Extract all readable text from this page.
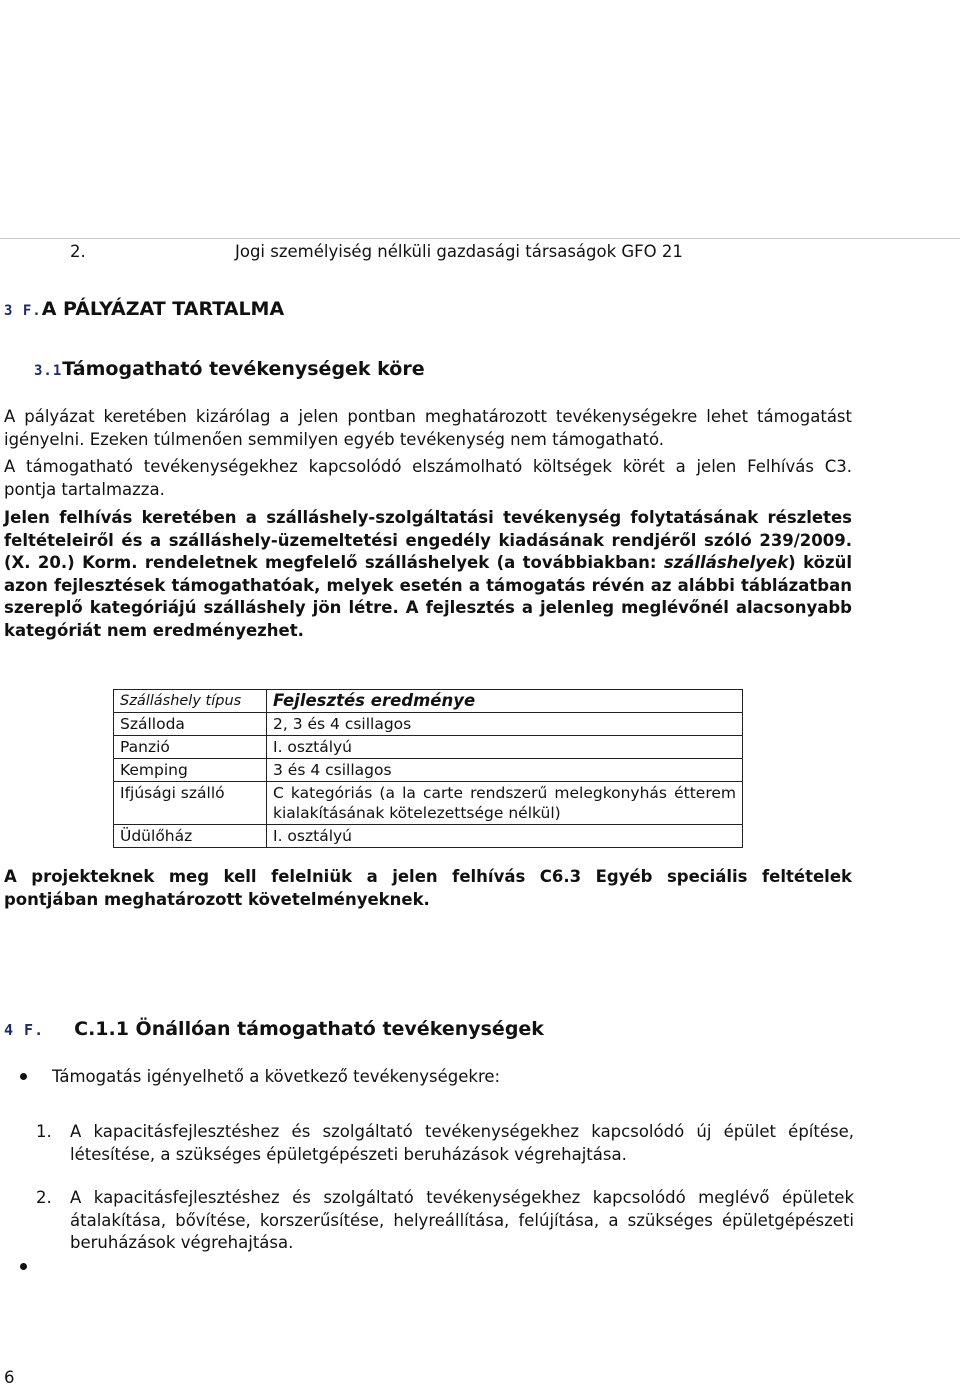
2.	Jogi személyiség nélküli gazdasági társaságok GFO 21
3 F. A PÁLYÁZAT TARTALMA
3.1 Támogatható tevékenységek köre
A pályázat keretében kizárólag a jelen pontban meghatározott tevékenységekre lehet támogatást igényelni. Ezeken túlmenően semmilyen egyéb tevékenység nem támogatható.
A támogatható tevékenységekhez kapcsolódó elszámolható költségek körét a jelen Felhívás C3. pontja tartalmazza.
Jelen felhívás keretében a szálláshely-szolgáltatási tevékenység folytatásának részletes feltételeiről és a szálláshely-üzemeltetési engedély kiadásának rendjéről szóló 239/2009. (X. 20.) Korm. rendeletnek megfelelő szálláshelyek (a továbbiakban: szálláshelyek) közül azon fejlesztések támogathatóak, melyek esetén a támogatás révén az alábbi táblázatban szereplő kategóriájú szálláshely jön létre. A fejlesztés a jelenleg meglévőnél alacsonyabb kategóriát nem eredményezhet.
Szálláshely típus	Fejlesztés eredménye
Szálloda	2, 3 és 4 csillagos
Panzió	I. osztályú
Kemping	3 és 4 csillagos
Ifjúsági szálló	C kategóriás (a la carte rendszerű melegkonyhás étterem kialakításának kötelezettsége nélkül)
Üdülőház	I. osztályú
A projekteknek meg kell felelniük a jelen felhívás C6.3 Egyéb speciális feltételek pontjában meghatározott követelményeknek.
4 F. C.1.1 Önállóan támogatható tevékenységek
Támogatás igényelhető a következő tevékenységekre:
1.	A kapacitásfejlesztéshez és szolgáltató tevékenységekhez kapcsolódó új épület építése, létesítése, a szükséges épületgépészeti beruházások végrehajtása.
2.	A kapacitásfejlesztéshez és szolgáltató tevékenységekhez kapcsolódó meglévő épületek átalakítása, bővítése, korszerűsítése, helyreállítása, felújítása, a szükséges épületgépészeti beruházások végrehajtása.
6
